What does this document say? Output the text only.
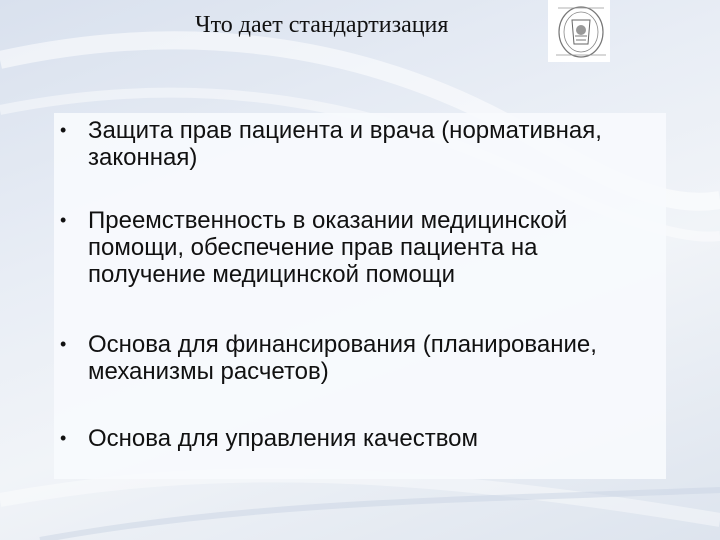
Что дает стандартизация
• Защита прав пациента и врача (нормативная, законная)
• Преемственность в оказании медицинской помощи, обеспечение прав пациента на получение медицинской помощи
• Основа для финансирования (планирование, механизмы расчетов)
• Основа для управления качеством
